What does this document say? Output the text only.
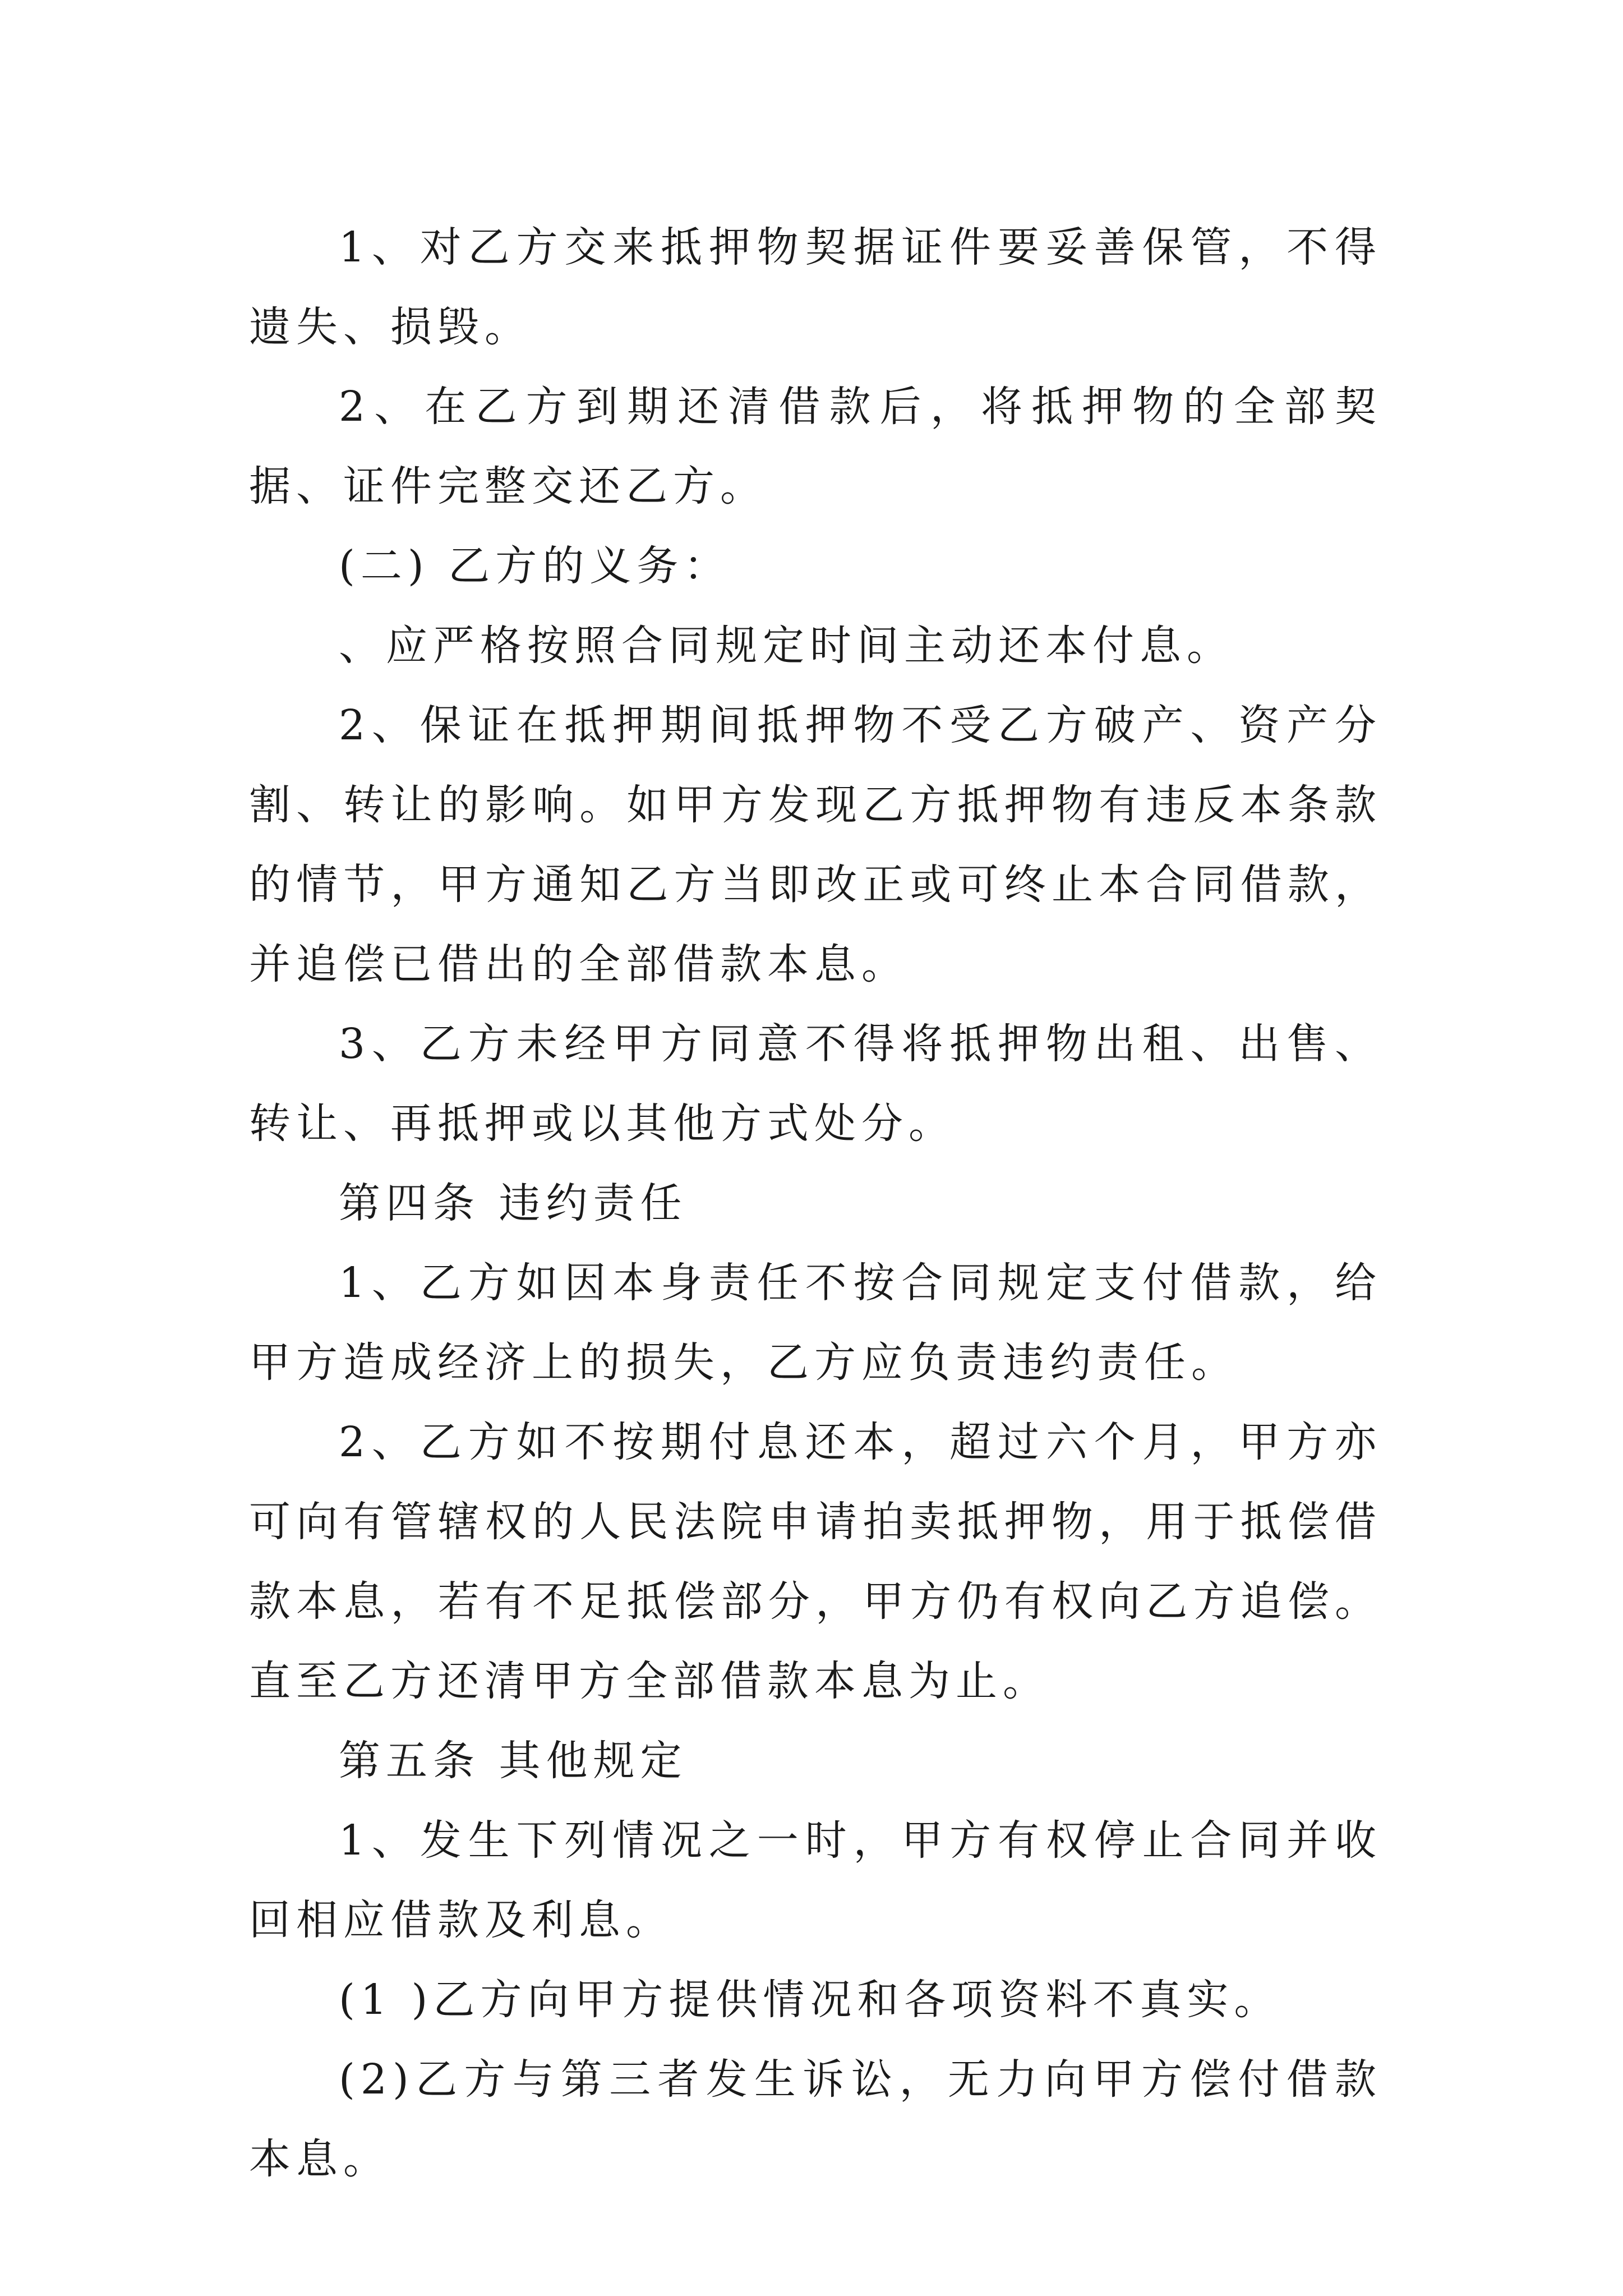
1、对乙方交来抵押物契据证件要妥善保管，不得遗失、损毁。

2、在乙方到期还清借款后，将抵押物的全部契据、证件完整交还乙方。

(二) 乙方的义务：

、应严格按照合同规定时间主动还本付息。

2、保证在抵押期间抵押物不受乙方破产、资产分割、转让的影响。如甲方发现乙方抵押物有违反本条款的情节，甲方通知乙方当即改正或可终止本合同借款，并追偿已借出的全部借款本息。

3、乙方未经甲方同意不得将抵押物出租、出售、转让、再抵押或以其他方式处分。

第四条 违约责任

1、乙方如因本身责任不按合同规定支付借款，给甲方造成经济上的损失，乙方应负责违约责任。

2、乙方如不按期付息还本，超过六个月，甲方亦可向有管辖权的人民法院申请拍卖抵押物，用于抵偿借款本息，若有不足抵偿部分，甲方仍有权向乙方追偿。直至乙方还清甲方全部借款本息为止。

第五条 其他规定

1、发生下列情况之一时，甲方有权停止合同并收回相应借款及利息。

(1 )乙方向甲方提供情况和各项资料不真实。

(2)乙方与第三者发生诉讼，无力向甲方偿付借款本息。
